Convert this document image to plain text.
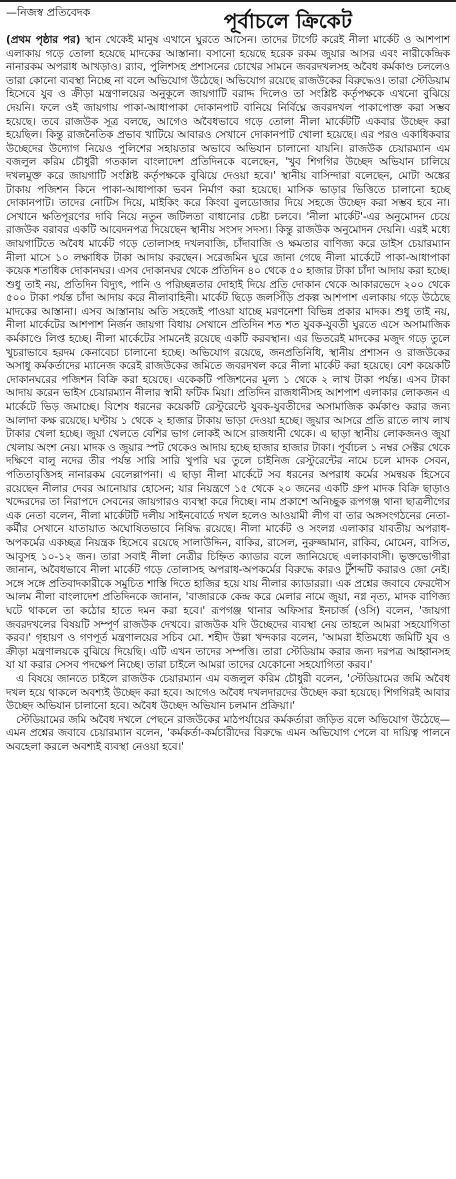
—নিজস্ব প্রতিবেদক	পূর্বাচলে ক্রিকেট

(প্রথম পৃষ্ঠার পর) স্থান থেকেই মানুষ এখানে ঘুরতে আসেন। তাদের টার্গেট করেই নীলা মার্কেট ও আশপাশ এলাকায় গড়ে তোলা হয়েছে মাদকের আস্তানা। বসানো হয়েছে হরেক রকম জুয়ার আসর এবং নারীকেন্দ্রিক নানারকম অপরাধ আখড়াও। র‍্যাব, পুলিশসহ প্রশাসনের চোখের সামনে জবরদখলসহ অবৈধ কর্মকাণ্ড চললেও তারা কোনো ব্যবস্থা নিচ্ছে না বলে অভিযোগ উঠেছে। অভিযোগ রয়েছে রাজউকের বিরুদ্ধেও। তারা স্টেডিয়াম হিসেবে যুব ও ক্রীড়া মন্ত্রণালয়ের অনুকূলে জায়গাটি বরাদ্দ দিলেও তা সংশ্লিষ্ট কর্তৃপক্ষকে এখনো বুঝিয়ে দেয়নি। ফলে ওই জায়গায় পাকা-আধাপাকা দোকানপাট বানিয়ে নির্বিঘ্নে জবরদখল পাকাপোক্ত করা সম্ভব হয়েছে। তবে রাজউক সূত্র বলছে, আগেও অবৈধভাবে গড়ে তোলা নীলা মার্কেটটি একবার উচ্ছেদ করা হয়েছিল। কিন্তু রাজনৈতিক প্রভাব খাটিয়ে আবারও সেখানে দোকানপাট খোলা হয়েছে। এর পরও একাধিকবার উচ্ছেদের উদ্যোগ নিয়েও পুলিশের সহায়তার অভাবে অভিযান চালানো যায়নি। রাজউক চেয়ারম্যান এম বজলুল করিম চৌধুরী গতকাল বাংলাদেশ প্রতিদিনকে বলেছেন, 'খুব শিগগির উচ্ছেদ অভিযান চালিয়ে দখলমুক্ত করে জায়গাটি সংশ্লিষ্ট কর্তৃপক্ষকে বুঝিয়ে দেওয়া হবে।' স্থানীয় বাসিন্দারা বলেছেন, মোটা অঙ্কের টাকায় পজিশন কিনে পাকা-আধাপাকা ভবন নির্মাণ করা হয়েছে। মাসিক ভাড়ার ভিত্তিতে চালানো হচ্ছে দোকানপাট। তাদের নোটিস দিয়ে, মাইকিং করে কিংবা বুলডোজার দিয়ে সহজে উচ্ছেদ করা সম্ভব হবে না। সেখানে ক্ষতিপূরণের দাবি নিয়ে নতুন জটিলতা বাধানোর চেষ্টা চলবে। 'নীলা মার্কেট'-এর অনুমোদন চেয়ে রাজউক বরাবর একটি আবেদনপত্র দিয়েছেন স্থানীয় সংসদ সদস্য। কিন্তু রাজউক অনুমোদন দেয়নি। এরই মধ্যে জায়গাটিতে অবৈধ মার্কেট গড়ে তোলাসহ দখলবাজি, চাঁদাবাজি ও ক্ষমতার বাণিজ্য করে ডাইস চেয়ারম্যান নীলা মাসে ১০ লক্ষাধিক টাকা আদায় করছেন। সরেজমিন ঘুরে জানা গেছে নীলা মার্কেটে পাকা-আধাপাকা কয়েক শতাধিক দোকানঘর। এসব দোকানঘর থেকে প্রতিদিন ৪০ থেকে ৫০ হাজার টাকা চাঁদা আদায় করা হচ্ছে। শুধু তাই নয়, প্রতিদিন বিদ্যুৎ, পানি ও পরিচ্ছন্নতার দোহাই দিয়ে প্রতি দোকান থেকে আকারভেদে ২০০ থেকে ৫০০ টাকা পর্যন্ত চাঁদা আদায় করে নীলাবাহিনী। মার্কেট ছিড়ে জলসিঁড়ি প্রকল্প আশপাশ এলাকায় গড়ে উঠেছে মাদকের আস্তানা। এসব আস্তানায় অতি সহজেই পাওয়া যাচ্ছে মরণনেশা বিভিন্ন প্রকার মাদক। শুধু তাই নয়, নীলা মার্কেটের আশপাশ নির্জন জায়গা বিধায় সেখানে প্রতিদিন শত শত যুবক-যুবতী ঘুরতে এসে অসামাজিক কর্মকাণ্ডে লিপ্ত হচ্ছে। নীলা মার্কেটের সামনেই রয়েছে একটি করবস্থান। এর ভিতরেই মাদকের মজুদ গড়ে তুলে খুচরাভাবে হরদম কেনাবেচা চালানো হচ্ছে। অভিযোগ রয়েছে, জনপ্রতিনিধি, স্থানীয় প্রশাসন ও রাজউকের অসাধু কর্মকর্তাদের ম্যানেজ করেই রাজউকের জমিতে জবরদখল করে নীলা মার্কেট করা হয়েছে। বেশ কয়েকটি দোকানঘরের পজিশন বিক্রি করা হয়েছে। একেকটি পজিশনের মূল্য ১ থেকে ২ লাখ টাকা পর্যন্ত। এসব টাকা আদায় করেন ভাইস চেয়ারম্যান নীলার স্বামী ফটিক মিয়া। প্রতিদিন রাজধানীসহ আশপাশ এলাকার লোকজন এ মার্কেটে ভিড় জমাচ্ছে। বিশেষ ধরনের কয়েকটি রেস্টুরেন্টে যুবক-যুবতীদের অসামাজিক কর্মকাণ্ড করার জন্য আলাদা কক্ষ রয়েছে। ঘণ্টায় ১ থেকে ২ হাজার টাকায় ভাড়া দেওয়া হচ্ছে। জুয়ার আসরে প্রতি রাতে লাখ লাখ টাকার খেলা হচ্ছে। জুয়া খেলতে বেশির ভাগ লোকই আসে রাজধানী থেকে। এ ছাড়া স্থানীয় লোকজনও জুয়া খেলায় অংশ নেয়। মাদক ও জুয়ার স্পট থেকেও আদায় হচ্ছে হাজার হাজার টাকা। পূর্বাচল ১ নম্বর সেক্টর থেকে দক্ষিণে বালু নদের তীর পর্যন্ত সারি সারি খুপরি ঘর তুলে চাইনিজ রেস্টুরেন্টের নামে চলে মাদক সেবন, পতিতাবৃত্তিসহ নানারকম বেলেল্লাপনা। এ ছাড়া নীলা মার্কেটে সব ধরনের অপরাধ কর্মের সমন্বয়ক হিসেবে রয়েছেন নীলার দেবর আনোয়ার হোসেন; যার নিয়ন্ত্রণে ১৫ থেকে ২০ জনের একটি গ্রুপ মাদক বিক্রি ছাড়াও খদ্দেরদের তা নিরাপদে সেবনের জায়গারও ব্যবস্থা করে দিচ্ছে। নাম প্রকাশে অনিচ্ছুক রূপগঞ্জ থানা ছাত্রলীগের এক নেতা বলেন, নীলা মার্কেটটি দলীয় সাইনবোর্ডে দখল হলেও আওয়ামী লীগ বা তার অঙ্গসংগঠনের নেতা-কর্মীর সেখানে যাতায়াত অঘোষিতভাবে নিষিদ্ধ রয়েছে। নীলা মার্কেট ও সংলগ্ন এলাকার যাবতীয় অপরাধ-অপকর্মের একচ্ছত্র নিয়ন্ত্রক হিসেবে রয়েছে সালাউদ্দিন, বাকির, রাসেল, নুরুজ্জামান, রাকিব, মোমেন, বাসিত, আবুসহ ১০-১২ জন। তারা সবাই নীলা নেত্রীর চিহ্নিত ক্যাডার বলে জানিয়েছে এলাকাবাসী। ভুক্তভোগীরা জানান, অবৈধভাবে নীলা মার্কেট গড়ে তোলাসহ অপরাধ-অপকর্মের বিরুদ্ধে কারও টুঁশব্দটি করারও জো নেই। সঙ্গে সঙ্গে প্রতিবাদকারীকে সমুচিত শাস্তি দিতে হাজির হয়ে যায় নীলার ক্যাডাররা। এক প্রশ্নের জবাবে ফেরদৌস আলম নীলা বাংলাদেশ প্রতিদিনকে জানান, 'বাজারকে কেন্দ্র করে মেলার নামে জুয়া, নগ্ন নৃত্য, মাদক বাণিজ্য ঘটে থাকলে তা কঠোর হাতে দমন করা হবে।' রূপগঞ্জ থানার অফিসার ইনচার্জ (ওসি) বলেন, 'জায়গা জবরদখলের বিষয়টি সম্পূর্ণ রাজউক দেখবে। রাজউক যদি উচ্ছেদের ব্যবস্থা নেয় তাহলে আমরা সহযোগিতা করব।' গৃহায়ণ ও গণপূর্ত মন্ত্রণালয়ের সচিব মো. শহীদ উল্লা খন্দকার বলেন, 'আমরা ইতিমধ্যে জমিটি যুব ও ক্রীড়া মন্ত্রণালয়কে বুঝিয়ে দিয়েছি। এটি এখন তাদের সম্পত্তি। তারা স্টেডিয়াম করার জন্য দরপত্র আহ্বানসহ যা যা করার সেসব পদক্ষেপ নিচ্ছে। তারা চাইলে আমরা তাদের যেকোনো সহযোগিতা করব।'

এ বিষয়ে জানতে চাইলে রাজউক চেয়ারম্যান এম বজলুল করিম চৌধুরী বলেন, 'স্টেডিয়ামের জমি অবৈধ দখল হয়ে থাকলে অবশ্যই উচ্ছেদ করা হবে। আগেও অবৈধ দখলদারদের উচ্ছেদ করা হয়েছে। শিগগিরই আবার উচ্ছেদ অভিযান চালানো হবে। অবৈধ উচ্ছেদ অভিযান চলমান প্রক্রিয়া।'

স্টেডিয়ামের জমি অবৈধ দখলে পেছনে রাজউকের মাঠপর্যায়ের কর্মকর্তারা জড়িত বলে অভিযোগ উঠেছে— এমন প্রশ্নের জবাবে চেয়ারম্যান বলেন, 'কর্মকর্তা-কর্মচারীদের বিরুদ্ধে এমন অভিযোগ পেলে বা দায়িত্ব পালনে অবহেলা করলে অবশ্যই ব্যবস্থা নেওয়া হবে।'
